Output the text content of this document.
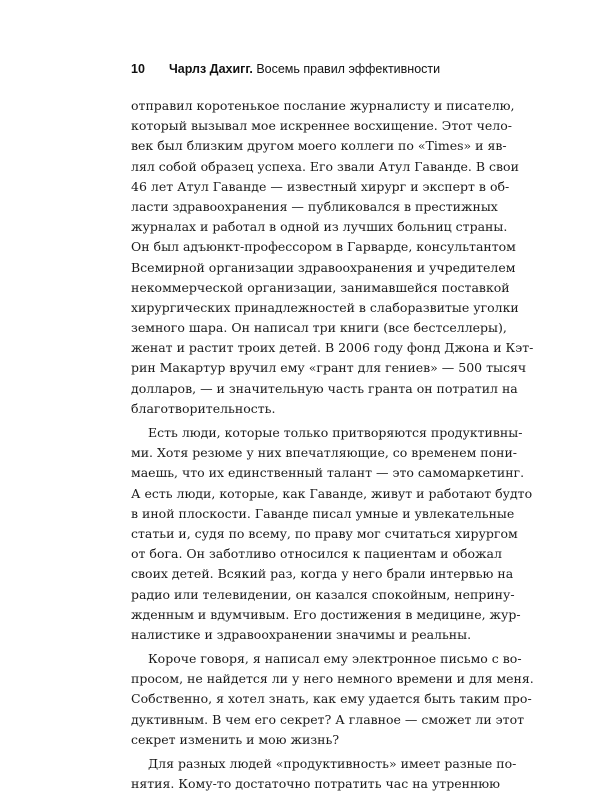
10 Чарлз Дахигг. Восемь правил эффективности
отправил коротенькое послание журналисту и писателю,
который вызывал мое искреннее восхищение. Этот чело-
век был близким другом моего коллеги по «Times» и яв-
лял собой образец успеха. Его звали Атул Гаванде. В свои
46 лет Атул Гаванде — известный хирург и эксперт в об-
ласти здравоохранения — публиковался в престижных
журналах и работал в одной из лучших больниц страны.
Он был адъюнкт-профессором в Гарварде, консультантом
Всемирной организации здравоохранения и учредителем
некоммерческой организации, занимавшейся поставкой
хирургических принадлежностей в слаборазвитые уголки
земного шара. Он написал три книги (все бестселлеры),
женат и растит троих детей. В 2006 году фонд Джона и Кэт-
рин Макартур вручил ему «грант для гениев» — 500 тысяч
долларов, — и значительную часть гранта он потратил на
благотворительность.
Есть люди, которые только притворяются продуктивны-
ми. Хотя резюме у них впечатляющие, со временем пони-
маешь, что их единственный талант — это самомаркетинг.
А есть люди, которые, как Гаванде, живут и работают будто
в иной плоскости. Гаванде писал умные и увлекательные
статьи и, судя по всему, по праву мог считаться хирургом
от бога. Он заботливо относился к пациентам и обожал
своих детей. Всякий раз, когда у него брали интервью на
радио или телевидении, он казался спокойным, неприну-
жденным и вдумчивым. Его достижения в медицине, жур-
налистике и здравоохранении значимы и реальны.
Короче говоря, я написал ему электронное письмо с во-
просом, не найдется ли у него немного времени и для меня.
Собственно, я хотел знать, как ему удается быть таким про-
дуктивным. В чем его секрет? А главное — сможет ли этот
секрет изменить и мою жизнь?
Для разных людей «продуктивность» имеет разные по-
нятия. Кому-то достаточно потратить час на утреннюю
